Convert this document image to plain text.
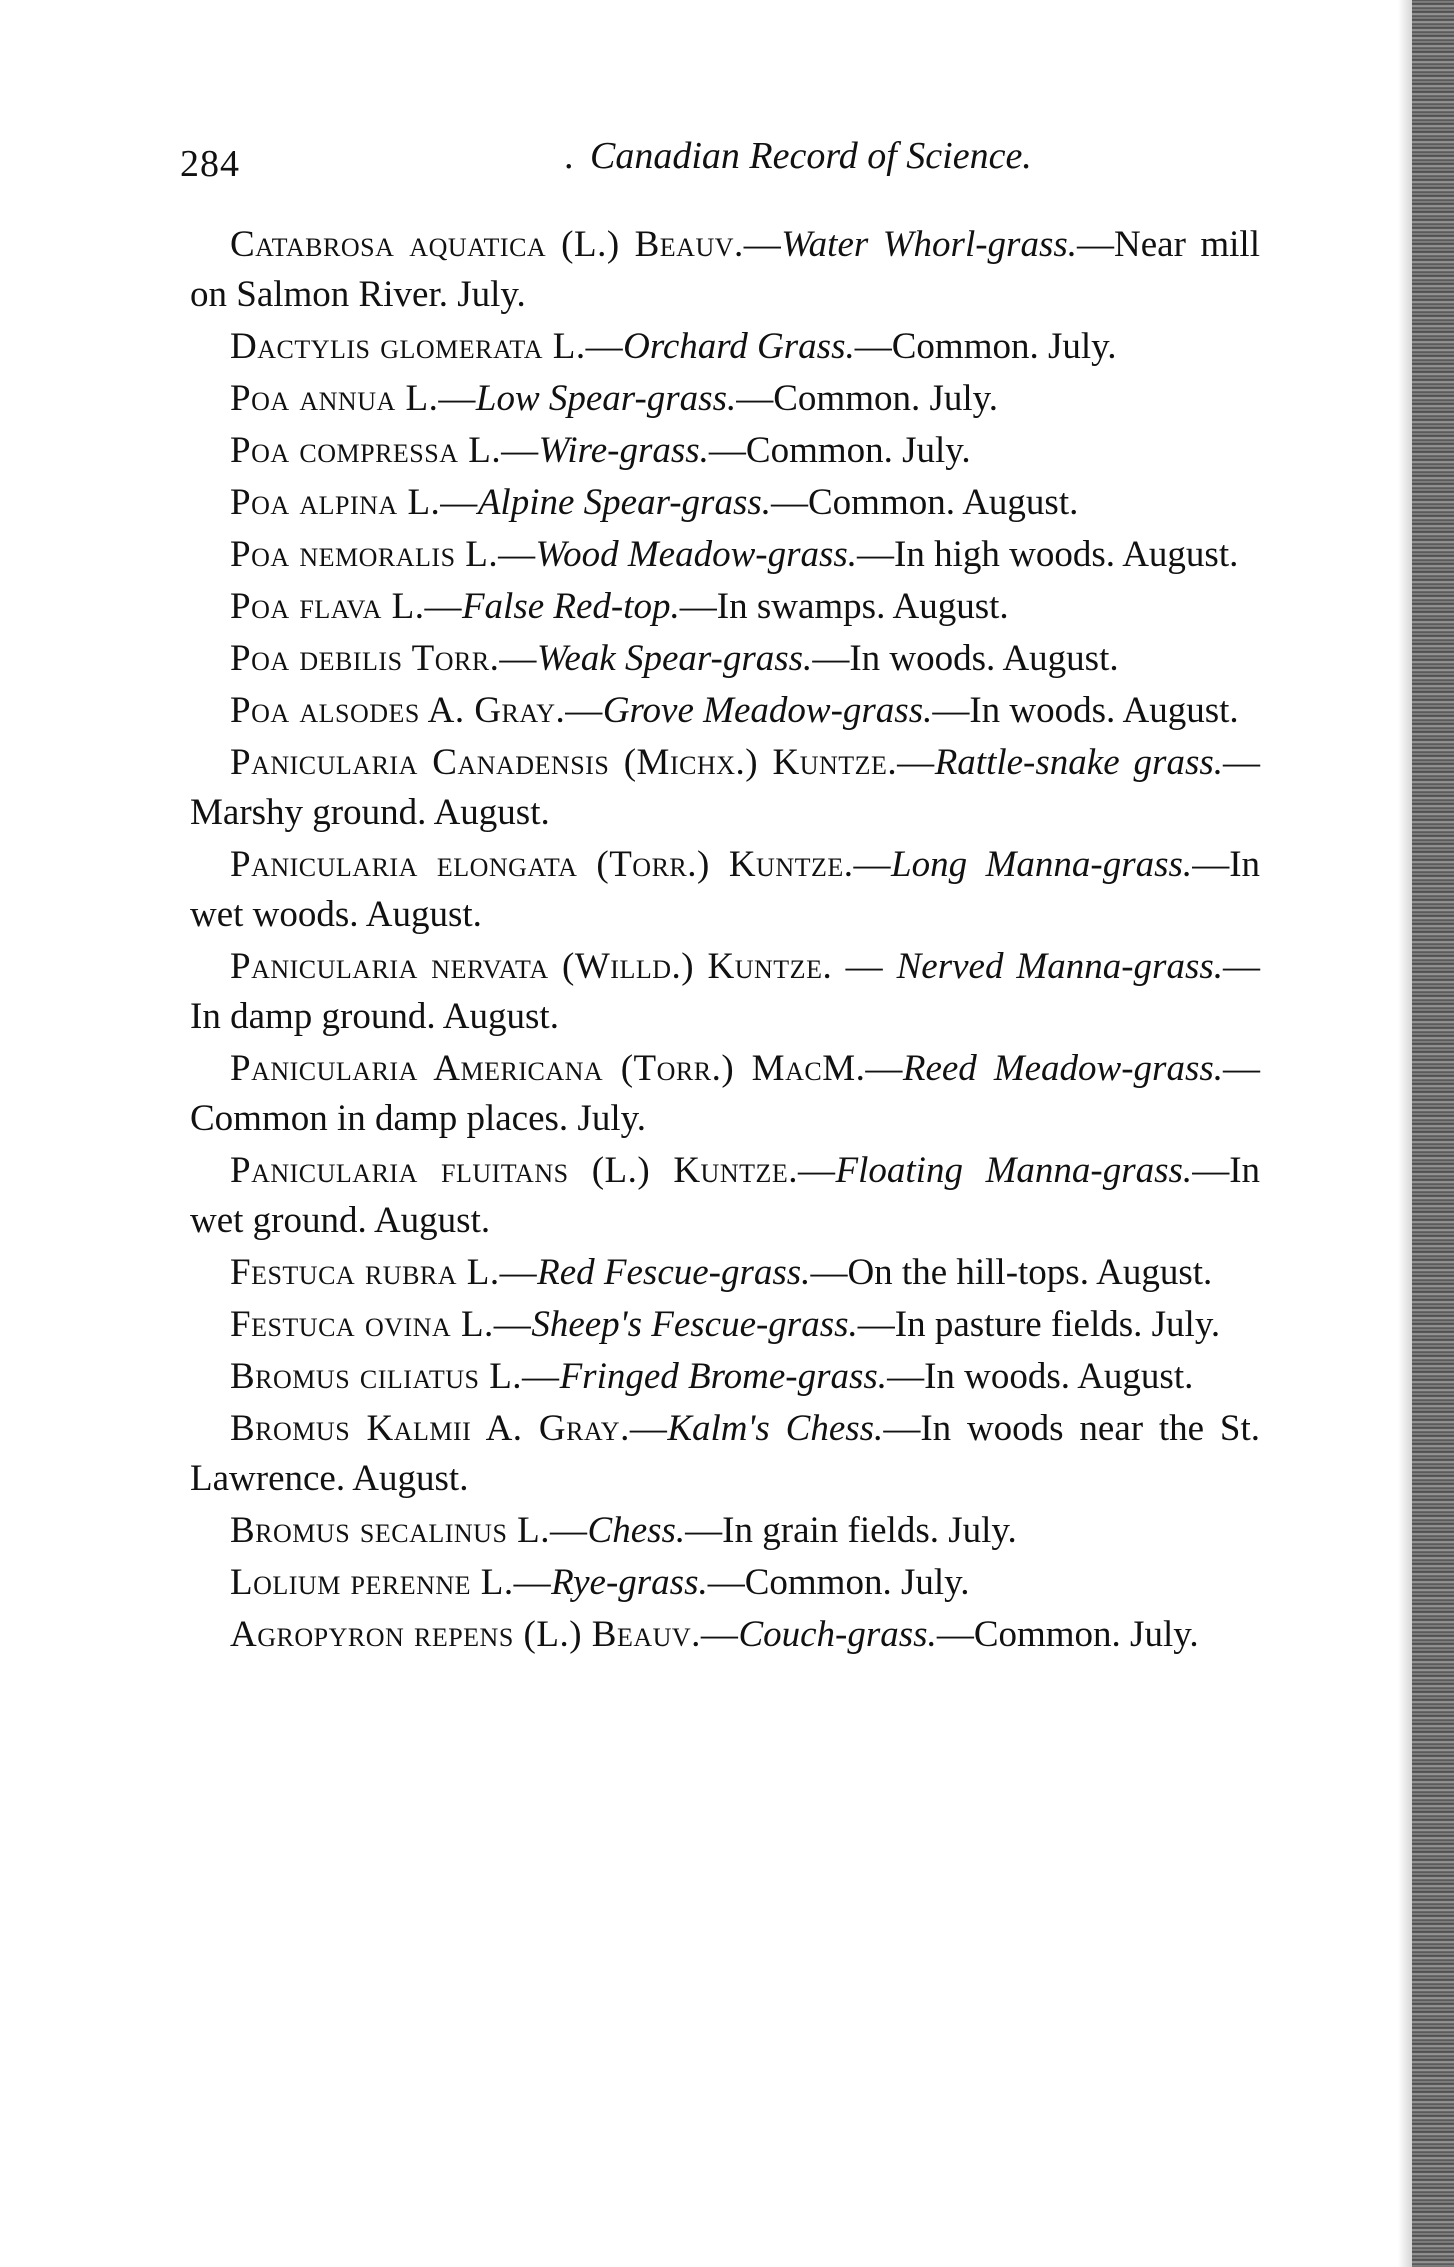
284
.	Canadian Record of Science.

Catabrosa aquatica (L.) Beauv.—Water Whorl-grass.—Near mill on Salmon River. July.

Dactylis glomerata L.—Orchard Grass.—Common. July.

Poa annua L.—Low Spear-grass.—Common. July.

Poa compressa L.—Wire-grass.—Common. July.

Poa alpina L.—Alpine Spear-grass.—Common. August.

Poa nemoralis L.—Wood Meadow-grass.—In high woods. August.

Poa flava L.—False Red-top.—In swamps. August.

Poa debilis Torr.—Weak Spear-grass.—In woods. August.

Poa alsodes A. Gray.—Grove Meadow-grass.—In woods. August.

Panicularia Canadensis (Michx.) Kuntze.—Rattle-snake grass.—Marshy ground. August.

Panicularia elongata (Torr.) Kuntze.—Long Manna-grass.—In wet woods. August.

Panicularia nervata (Willd.) Kuntze. — Nerved Manna-grass.—In damp ground. August.

Panicularia Americana (Torr.) MacM.—Reed Meadow-grass.—Common in damp places. July.

Panicularia fluitans (L.) Kuntze.—Floating Manna-grass.—In wet ground. August.

Festuca rubra L.—Red Fescue-grass.—On the hill-tops. August.

Festuca ovina L.—Sheep's Fescue-grass.—In pasture fields. July.

Bromus ciliatus L.—Fringed Brome-grass.—In woods. August.

Bromus Kalmii A. Gray.—Kalm's Chess.—In woods near the St. Lawrence. August.

Bromus secalinus L.—Chess.—In grain fields. July.

Lolium perenne L.—Rye-grass.—Common. July.

Agropyron repens (L.) Beauv.—Couch-grass.—Common. July.
